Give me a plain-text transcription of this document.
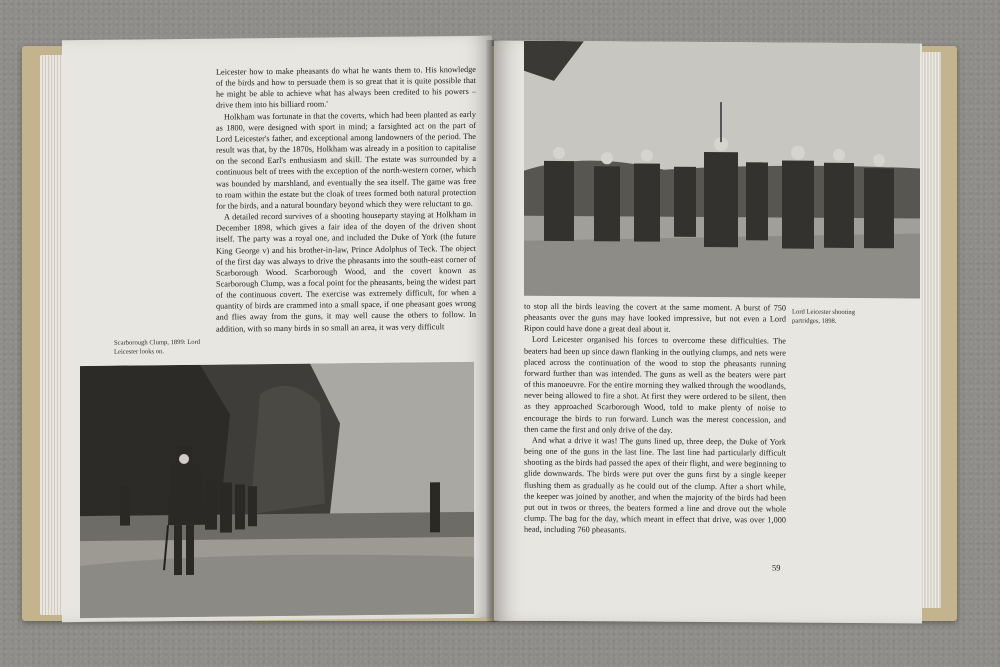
Leicester how to make pheasants do what he wants them to. His knowledge of the birds and how to persuade them is so great that it is quite possible that he might be able to achieve what has always been credited to his powers – drive them into his billiard room.'

Holkham was fortunate in that the coverts, which had been planted as early as 1800, were designed with sport in mind; a farsighted act on the part of Lord Leicester's father, and exceptional among landowners of the period. The result was that, by the 1870s, Holkham was already in a position to capitalise on the second Earl's enthusiasm and skill. The estate was surrounded by a continuous belt of trees with the exception of the north-western corner, which was bounded by marshland, and eventually the sea itself. The game was free to roam within the estate but the cloak of trees formed both natural protection for the birds, and a natural boundary beyond which they were reluctant to go.

A detailed record survives of a shooting houseparty staying at Holkham in December 1898, which gives a fair idea of the doyen of the driven shoot itself. The party was a royal one, and included the Duke of York (the future King George v) and his brother-in-law, Prince Adolphus of Teck. The object of the first day was always to drive the pheasants into the south-east corner of Scarborough Wood. Scarborough Wood, and the covert known as Scarborough Clump, was a focal point for the pheasants, being the widest part of the continuous covert. The exercise was extremely difficult, for when a quantity of birds are crammed into a small space, if one pheasant goes wrong and flies away from the guns, it may well cause the others to follow. In addition, with so many birds in so small an area, it was very difficult

Scarborough Clump, 1899: Lord Leicester looks on.

to stop all the birds leaving the covert at the same moment. A burst of 750 pheasants over the guns may have looked impressive, but not even a Lord Ripon could have done a great deal about it.

Lord Leicester organised his forces to overcome these difficulties. The beaters had been up since dawn flanking in the outlying clumps, and nets were placed across the continuation of the wood to stop the pheasants running forward further than was intended. The guns as well as the beaters were part of this manoeuvre. For the entire morning they walked through the woodlands, never being allowed to fire a shot. At first they were ordered to be silent, then as they approached Scarborough Wood, told to make plenty of noise to encourage the birds to run forward. Lunch was the merest concession, and then came the first and only drive of the day.

And what a drive it was! The guns lined up, three deep, the Duke of York being one of the guns in the last line. The last line had particularly difficult shooting as the birds had passed the apex of their flight, and were beginning to glide downwards. The birds were put over the guns first by a single keeper flushing them as gradually as he could out of the clump. After a short while, the keeper was joined by another, and when the majority of the birds had been put out in twos or threes, the beaters formed a line and drove out the whole clump. The bag for the day, which meant in effect that drive, was over 1,000 head, including 760 pheasants.

Lord Leicester shooting partridges, 1898.
59
